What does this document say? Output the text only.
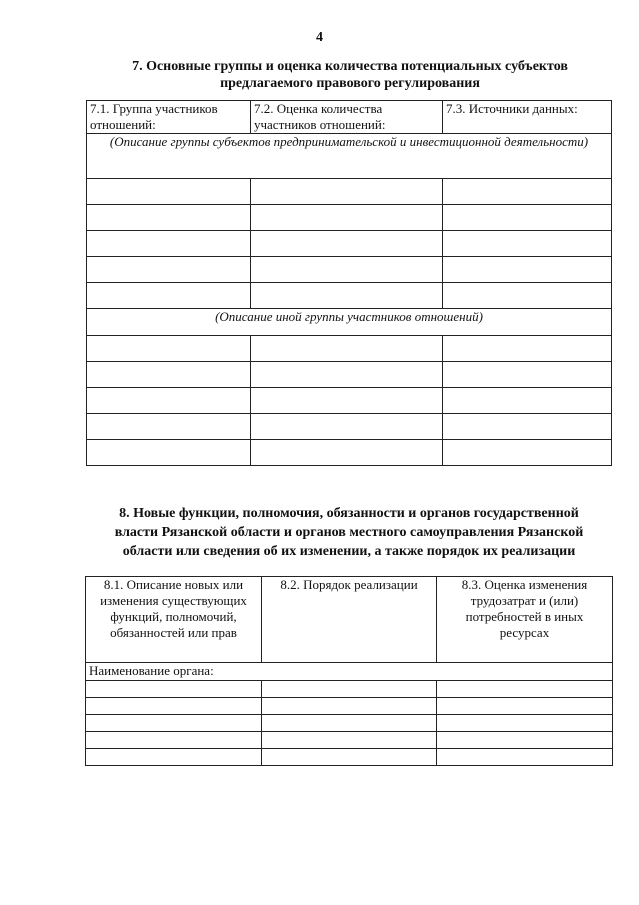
4
7. Основные группы и оценка количества потенциальных субъектов
предлагаемого правового регулирования
7.1. Группа участников отношений:	7.2. Оценка количества участников отношений:	7.3. Источники данных:
(Описание группы субъектов предпринимательской и инвестиционной деятельности)		

(Описание иной группы участников отношений)		

8. Новые функции, полномочия, обязанности и органов государственной
власти Рязанской области и органов местного самоуправления Рязанской
области или сведения об их изменении, а также порядок их реализации
8.1. Описание новых или изменения существующих функций, полномочий, обязанностей или прав	8.2. Порядок реализации	8.3. Оценка изменения трудозатрат и (или) потребностей в иных ресурсах
Наименование органа:		
